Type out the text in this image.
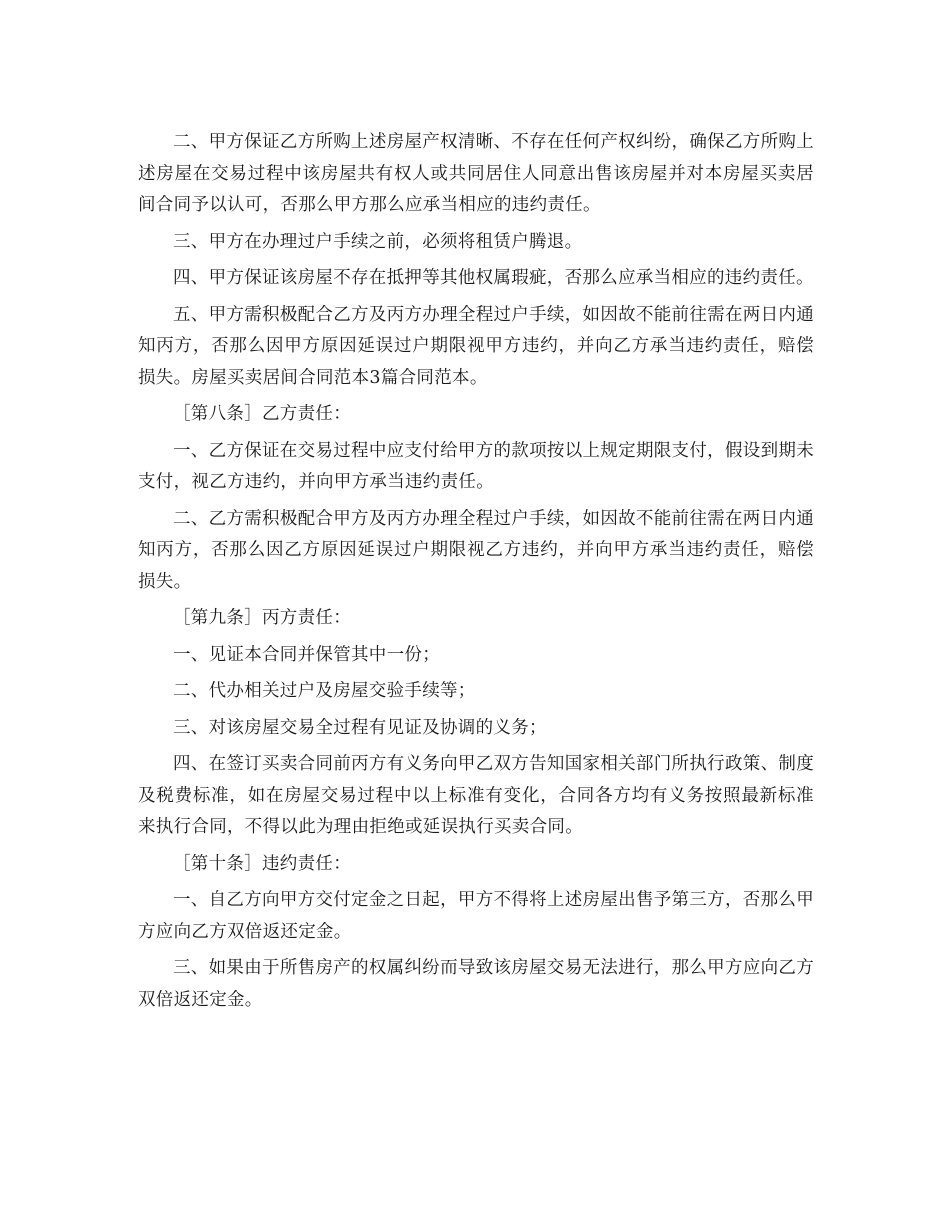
二、甲方保证乙方所购上述房屋产权清晰、不存在任何产权纠纷，确保乙方所购上述房屋在交易过程中该房屋共有权人或共同居住人同意出售该房屋并对本房屋买卖居间合同予以认可，否那么甲方那么应承当相应的违约责任。

三、甲方在办理过户手续之前，必须将租赁户腾退。

四、甲方保证该房屋不存在抵押等其他权属瑕疵，否那么应承当相应的违约责任。

五、甲方需积极配合乙方及丙方办理全程过户手续，如因故不能前往需在两日内通知丙方，否那么因甲方原因延误过户期限视甲方违约，并向乙方承当违约责任，赔偿损失。房屋买卖居间合同范本3篇合同范本。

［第八条］乙方责任：

一、乙方保证在交易过程中应支付给甲方的款项按以上规定期限支付，假设到期未支付，视乙方违约，并向甲方承当违约责任。

二、乙方需积极配合甲方及丙方办理全程过户手续，如因故不能前往需在两日内通知丙方，否那么因乙方原因延误过户期限视乙方违约，并向甲方承当违约责任，赔偿损失。

［第九条］丙方责任：

一、见证本合同并保管其中一份；

二、代办相关过户及房屋交验手续等；

三、对该房屋交易全过程有见证及协调的义务；

四、在签订买卖合同前丙方有义务向甲乙双方告知国家相关部门所执行政策、制度及税费标准，如在房屋交易过程中以上标准有变化，合同各方均有义务按照最新标准来执行合同，不得以此为理由拒绝或延误执行买卖合同。

［第十条］违约责任：

一、自乙方向甲方交付定金之日起，甲方不得将上述房屋出售予第三方，否那么甲方应向乙方双倍返还定金。

三、如果由于所售房产的权属纠纷而导致该房屋交易无法进行，那么甲方应向乙方双倍返还定金。
